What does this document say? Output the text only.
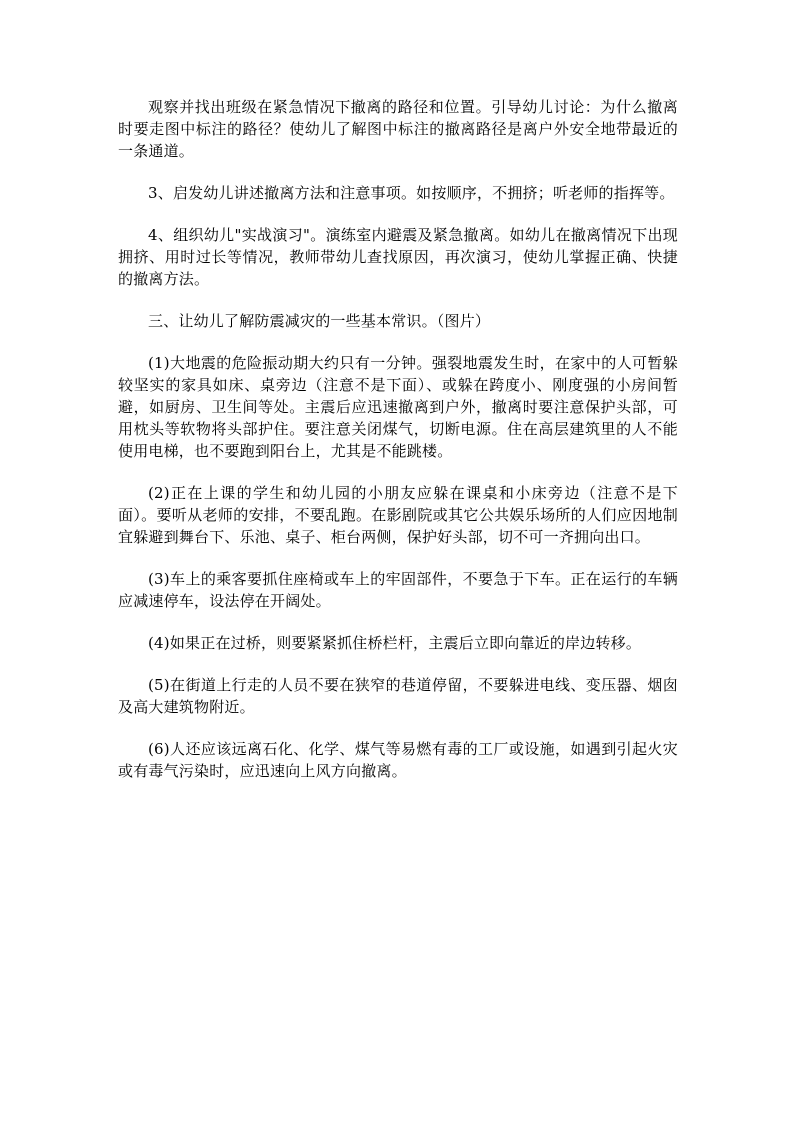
观察并找出班级在紧急情况下撤离的路径和位置。引导幼儿讨论：为什么撤离时要走图中标注的路径？使幼儿了解图中标注的撤离路径是离户外安全地带最近的一条通道。

3、启发幼儿讲述撤离方法和注意事项。如按顺序，不拥挤；听老师的指挥等。

4、组织幼儿"实战演习"。演练室内避震及紧急撤离。如幼儿在撤离情况下出现拥挤、用时过长等情况，教师带幼儿查找原因，再次演习，使幼儿掌握正确、快捷的撤离方法。

三、让幼儿了解防震减灾的一些基本常识。（图片）

(1)大地震的危险振动期大约只有一分钟。强裂地震发生时，在家中的人可暂躲较坚实的家具如床、桌旁边（注意不是下面）、或躲在跨度小、刚度强的小房间暂避，如厨房、卫生间等处。主震后应迅速撤离到户外，撤离时要注意保护头部，可用枕头等软物将头部护住。要注意关闭煤气，切断电源。住在高层建筑里的人不能使用电梯，也不要跑到阳台上，尤其是不能跳楼。

(2)正在上课的学生和幼儿园的小朋友应躲在课桌和小床旁边（注意不是下面）。要听从老师的安排，不要乱跑。在影剧院或其它公共娱乐场所的人们应因地制宜躲避到舞台下、乐池、桌子、柜台两侧，保护好头部，切不可一齐拥向出口。

(3)车上的乘客要抓住座椅或车上的牢固部件，不要急于下车。正在运行的车辆应减速停车，设法停在开阔处。

(4)如果正在过桥，则要紧紧抓住桥栏杆，主震后立即向靠近的岸边转移。

(5)在街道上行走的人员不要在狭窄的巷道停留，不要躲进电线、变压器、烟囱及高大建筑物附近。

(6)人还应该远离石化、化学、煤气等易燃有毒的工厂或设施，如遇到引起火灾或有毒气污染时，应迅速向上风方向撤离。
